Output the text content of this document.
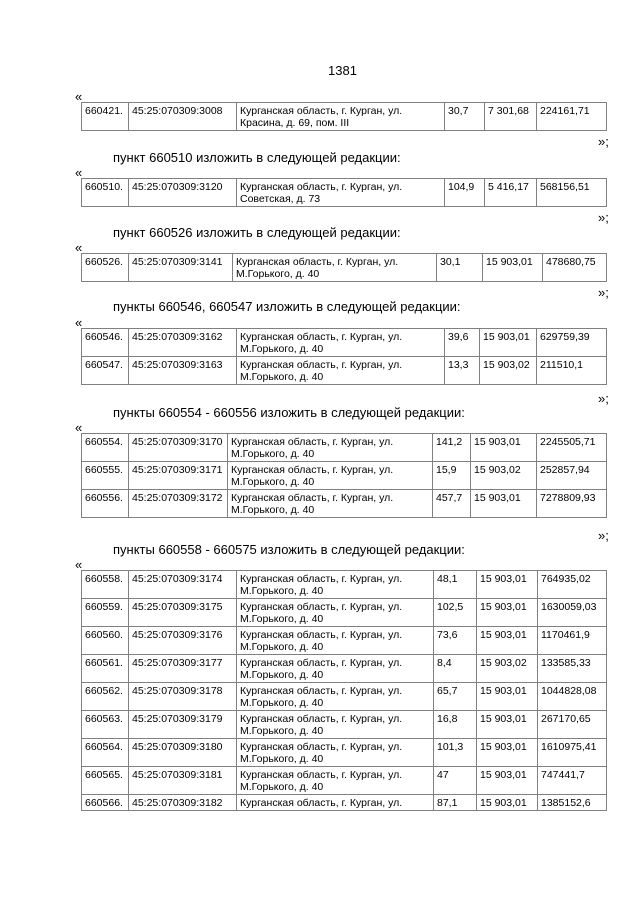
1381
«
660421.	45:25:070309:3008	Курганская область, г. Курган, ул. Красина, д. 69, пом. III	30,7	7 301,68	224161,71
»;
пункт 660510 изложить в следующей редакции:
«
660510.	45:25:070309:3120	Курганская область, г. Курган, ул. Советская, д. 73	104,9	5 416,17	568156,51
»;
пункт 660526 изложить в следующей редакции:
«
660526.	45:25:070309:3141	Курганская область, г. Курган, ул. М.Горького, д. 40	30,1	15 903,01	478680,75
»;
пункты 660546, 660547 изложить в следующей редакции:
«
660546.	45:25:070309:3162	Курганская область, г. Курган, ул. М.Горького, д. 40	39,6	15 903,01	629759,39
660547.	45:25:070309:3163	Курганская область, г. Курган, ул. М.Горького, д. 40	13,3	15 903,02	211510,1
»;
пункты 660554 - 660556 изложить в следующей редакции:
«
660554.	45:25:070309:3170	Курганская область, г. Курган, ул. М.Горького, д. 40	141,2	15 903,01	2245505,71
660555.	45:25:070309:3171	Курганская область, г. Курган, ул. М.Горького, д. 40	15,9	15 903,02	252857,94
660556.	45:25:070309:3172	Курганская область, г. Курган, ул. М.Горького, д. 40	457,7	15 903,01	7278809,93
»;
пункты 660558 - 660575 изложить в следующей редакции:
«
660558.	45:25:070309:3174	Курганская область, г. Курган, ул. М.Горького, д. 40	48,1	15 903,01	764935,02
660559.	45:25:070309:3175	Курганская область, г. Курган, ул. М.Горького, д. 40	102,5	15 903,01	1630059,03
660560.	45:25:070309:3176	Курганская область, г. Курган, ул. М.Горького, д. 40	73,6	15 903,01	1170461,9
660561.	45:25:070309:3177	Курганская область, г. Курган, ул. М.Горького, д. 40	8,4	15 903,02	133585,33
660562.	45:25:070309:3178	Курганская область, г. Курган, ул. М.Горького, д. 40	65,7	15 903,01	1044828,08
660563.	45:25:070309:3179	Курганская область, г. Курган, ул. М.Горького, д. 40	16,8	15 903,01	267170,65
660564.	45:25:070309:3180	Курганская область, г. Курган, ул. М.Горького, д. 40	101,3	15 903,01	1610975,41
660565.	45:25:070309:3181	Курганская область, г. Курган, ул. М.Горького, д. 40	47	15 903,01	747441,7
660566.	45:25:070309:3182	Курганская область, г. Курган, ул.	87,1	15 903,01	1385152,6
